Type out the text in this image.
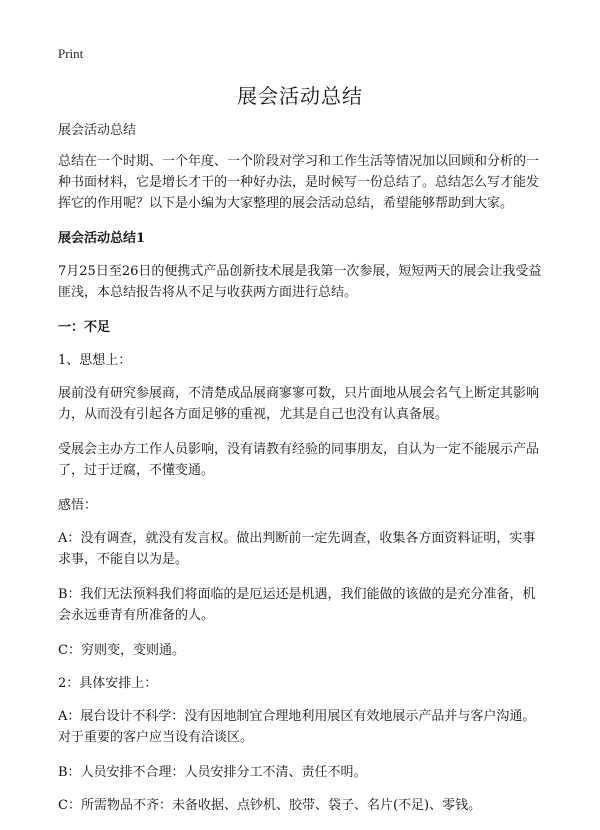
Print
展会活动总结

展会活动总结

总结在一个时期、一个年度、一个阶段对学习和工作生活等情况加以回顾和分析的一种书面材料，它是增长才干的一种好办法，是时候写一份总结了。总结怎么写才能发挥它的作用呢？以下是小编为大家整理的展会活动总结，希望能够帮助到大家。

展会活动总结1

7月25日至26日的便携式产品创新技术展是我第一次参展，短短两天的展会让我受益匪浅，本总结报告将从不足与收获两方面进行总结。

一：不足

1、思想上：

展前没有研究参展商，不清楚成品展商寥寥可数，只片面地从展会名气上断定其影响力，从而没有引起各方面足够的重视，尤其是自己也没有认真备展。

受展会主办方工作人员影响，没有请教有经验的同事朋友，自认为一定不能展示产品了，过于迂腐，不懂变通。

感悟：

A：没有调查，就没有发言权。做出判断前一定先调查，收集各方面资料证明，实事求事，不能自以为是。

B：我们无法预料我们将面临的是厄运还是机遇，我们能做的该做的是充分准备，机会永远垂青有所准备的人。

C：穷则变，变则通。

2：具体安排上：

A：展台设计不科学：没有因地制宜合理地利用展区有效地展示产品并与客户沟通。对于重要的客户应当设有洽谈区。

B：人员安排不合理：人员安排分工不清、责任不明。

C：所需物品不齐：未备收据、点钞机、胶带、袋子、名片(不足)、零钱。
